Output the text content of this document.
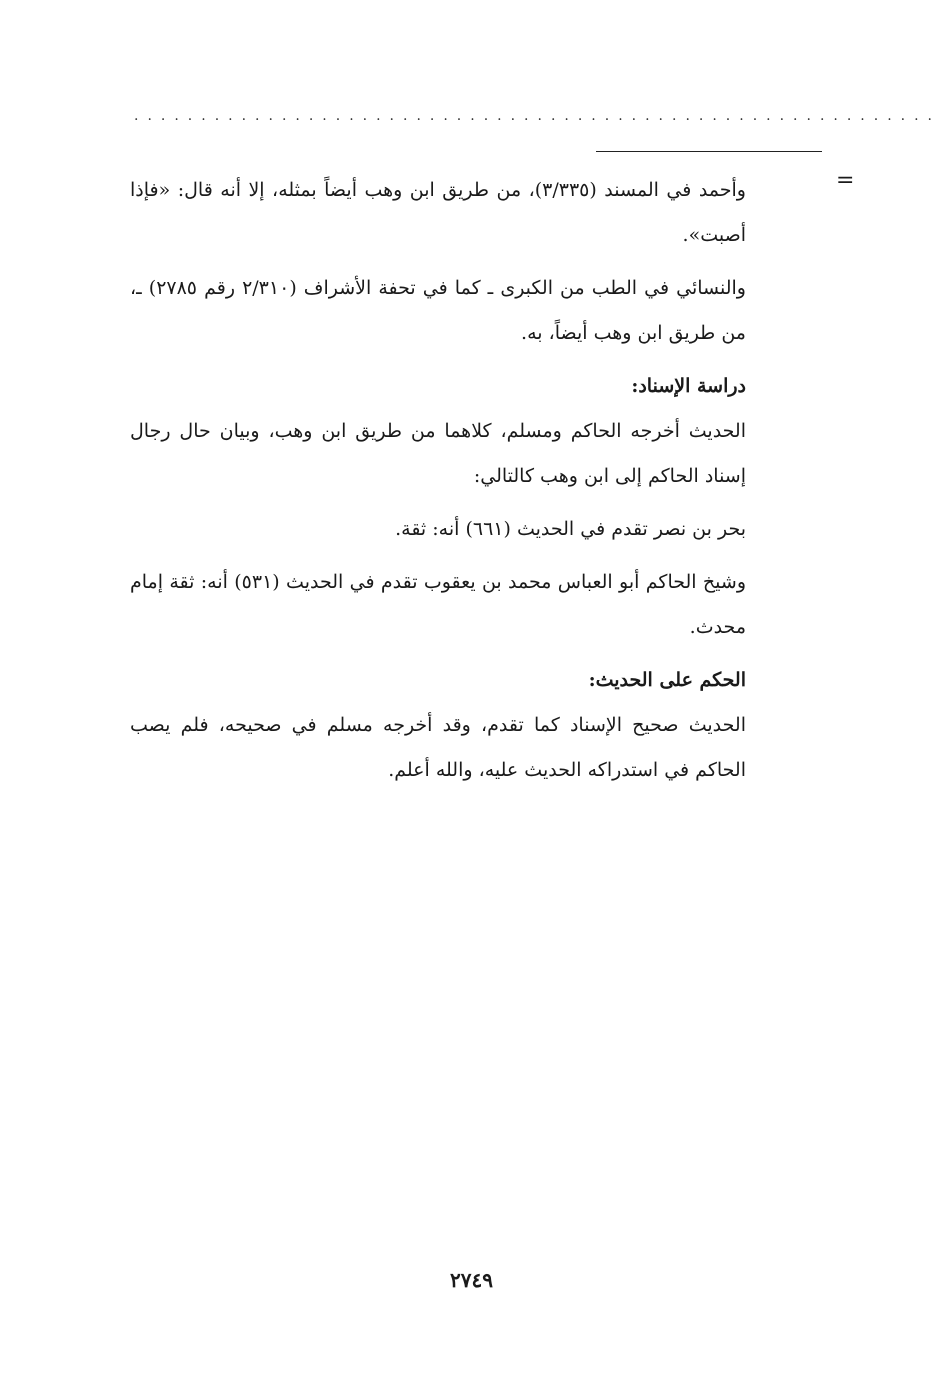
............................................................
=

وأحمد في المسند (٣/٣٣٥)، من طريق ابن وهب أيضاً بمثله، إلا أنه قال: «فإذا أصبت».

والنسائي في الطب من الكبرى ـ كما في تحفة الأشراف (٢/٣١٠ رقم ٢٧٨٥) ـ، من طريق ابن وهب أيضاً، به.

دراسة الإسناد:

الحديث أخرجه الحاكم ومسلم، كلاهما من طريق ابن وهب، وبيان حال رجال إسناد الحاكم إلى ابن وهب كالتالي:

بحر بن نصر تقدم في الحديث (٦٦١) أنه: ثقة.

وشيخ الحاكم أبو العباس محمد بن يعقوب تقدم في الحديث (٥٣١) أنه: ثقة إمام محدث.

الحكم على الحديث:

الحديث صحيح الإسناد كما تقدم، وقد أخرجه مسلم في صحيحه، فلم يصب الحاكم في استدراكه الحديث عليه، والله أعلم.

٢٧٤٩
